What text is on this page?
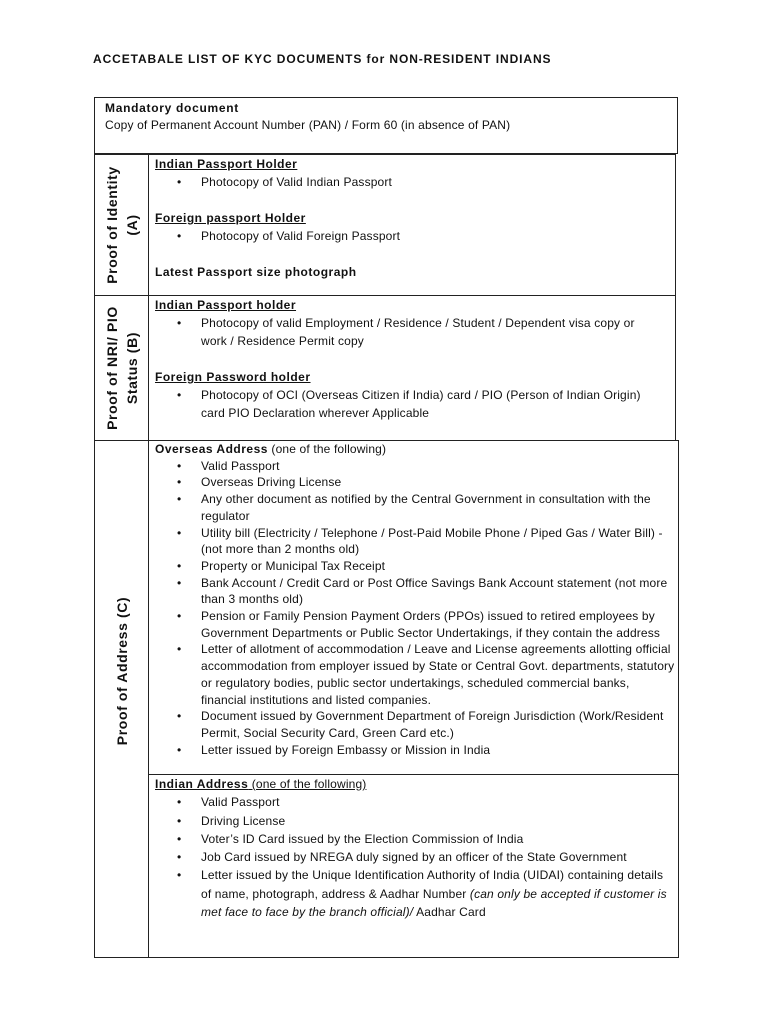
ACCETABALE LIST OF KYC DOCUMENTS for NON-RESIDENT INDIANS
Mandatory document
Copy of Permanent Account Number (PAN) / Form 60 (in absence of PAN)
Proof of Identity (A)
Indian Passport Holder
• Photocopy of Valid Indian Passport
Foreign passport Holder
• Photocopy of Valid Foreign Passport
Latest Passport size photograph
Proof of NRI/ PIO Status (B)
Indian Passport holder
• Photocopy of valid Employment / Residence / Student / Dependent visa copy or work / Residence Permit copy
Foreign Password holder
• Photocopy of OCI (Overseas Citizen if India) card / PIO (Person of Indian Origin) card PIO Declaration wherever Applicable
Proof of Address (C)
Overseas Address (one of the following)
• Valid Passport
• Overseas Driving License
• Any other document as notified by the Central Government in consultation with the regulator
• Utility bill (Electricity / Telephone / Post-Paid Mobile Phone / Piped Gas / Water Bill) - (not more than 2 months old)
• Property or Municipal Tax Receipt
• Bank Account / Credit Card or Post Office Savings Bank Account statement (not more than 3 months old)
• Pension or Family Pension Payment Orders (PPOs) issued to retired employees by Government Departments or Public Sector Undertakings, if they contain the address
• Letter of allotment of accommodation / Leave and License agreements allotting official accommodation from employer issued by State or Central Govt. departments, statutory or regulatory bodies, public sector undertakings, scheduled commercial banks, financial institutions and listed companies.
• Document issued by Government Department of Foreign Jurisdiction (Work/Resident Permit, Social Security Card, Green Card etc.)
• Letter issued by Foreign Embassy or Mission in India
Indian Address (one of the following)
• Valid Passport
• Driving License
• Voter’s ID Card issued by the Election Commission of India
• Job Card issued by NREGA duly signed by an officer of the State Government
• Letter issued by the Unique Identification Authority of India (UIDAI) containing details of name, photograph, address & Aadhar Number (can only be accepted if customer is met face to face by the branch official)/ Aadhar Card
